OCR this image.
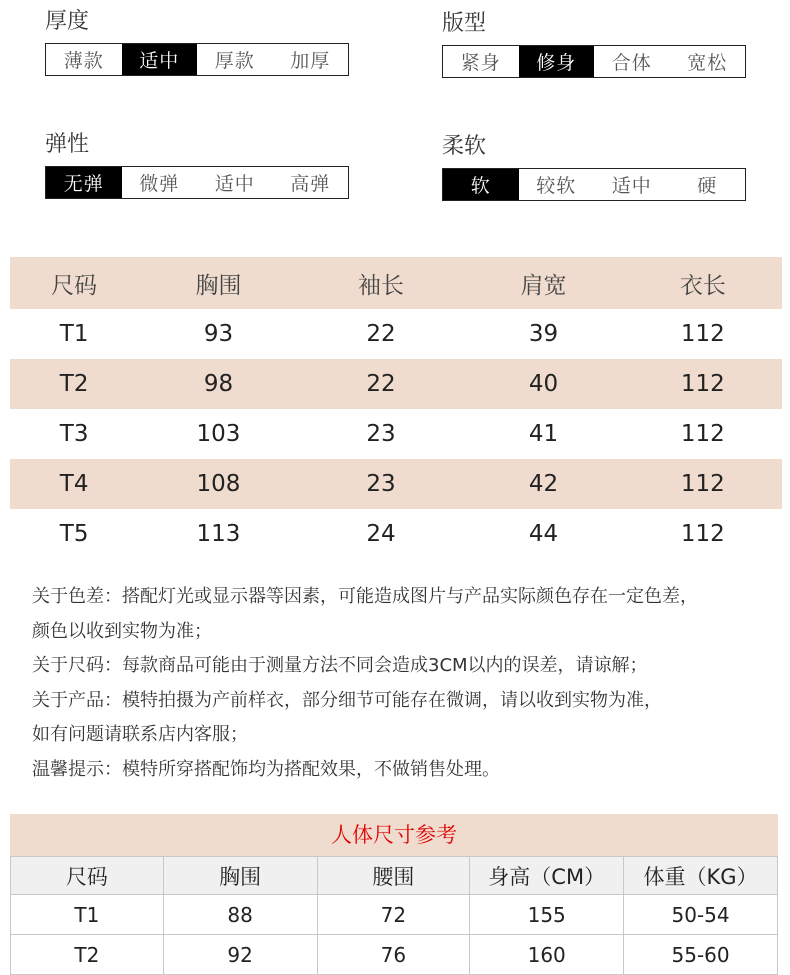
厚度
薄款	适中	厚款	加厚
版型
紧身	修身	合体	宽松
弹性
无弹	微弹	适中	高弹
柔软
软	较软	适中	硬
尺码	胸围	袖长	肩宽	衣长
T1	93	22	39	112
T2	98	22	40	112
T3	103	23	41	112
T4	108	23	42	112
T5	113	24	44	112
关于色差：搭配灯光或显示器等因素，可能造成图片与产品实际颜色存在一定色差，
颜色以收到实物为准；
关于尺码：每款商品可能由于测量方法不同会造成3CM以内的误差，请谅解；
关于产品：模特拍摄为产前样衣，部分细节可能存在微调，请以收到实物为准，
如有问题请联系店内客服；
温馨提示：模特所穿搭配饰均为搭配效果，不做销售处理。
人体尺寸参考
尺码	胸围	腰围	身高（CM）	体重（KG）
T1	88	72	155	50-54
T2	92	76	160	55-60
